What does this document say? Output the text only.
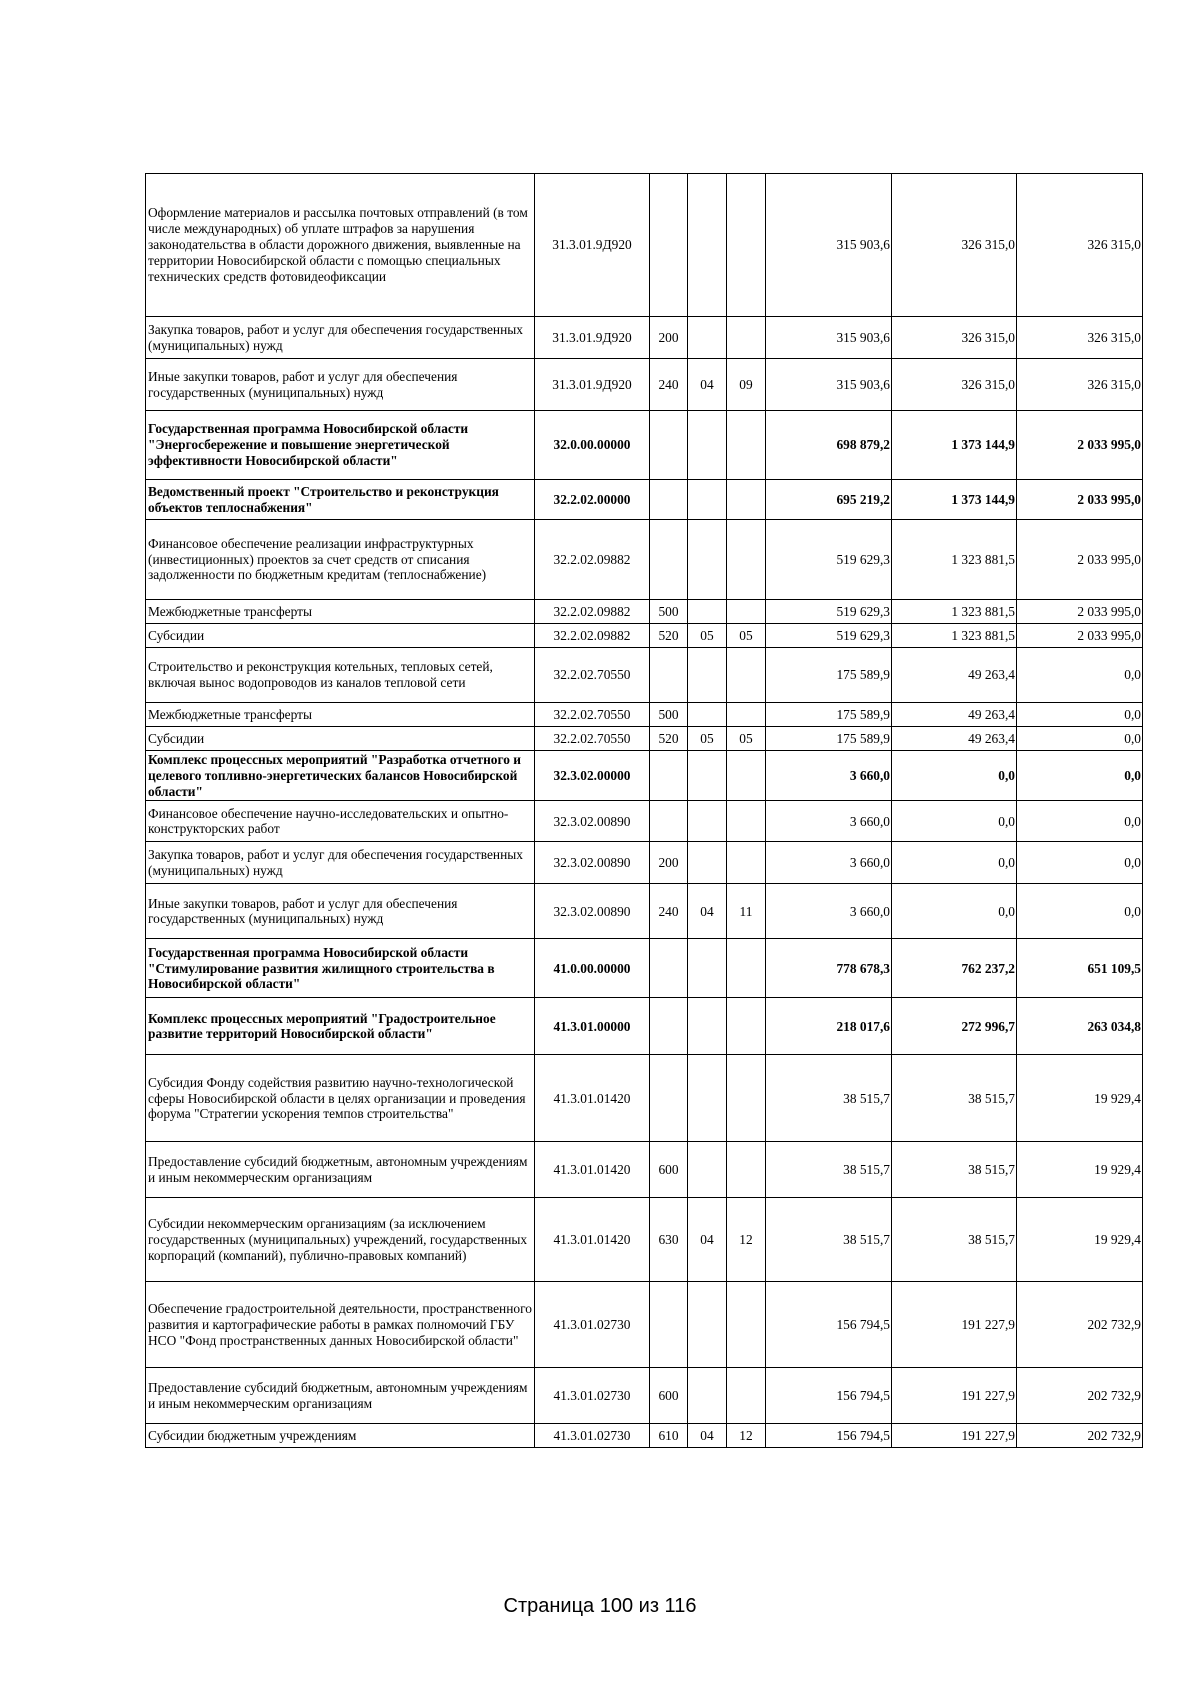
Оформление материалов и рассылка почтовых отправлений (в том числе международных) об уплате штрафов за нарушения законодательства в области дорожного движения, выявленные на территории Новосибирской области с помощью специальных технических средств фотовидеофиксации	31.3.01.9Д920				315 903,6	326 315,0	326 315,0
Закупка товаров, работ и услуг для обеспечения государственных (муниципальных) нужд	31.3.01.9Д920	200			315 903,6	326 315,0	326 315,0
Иные закупки товаров, работ и услуг для обеспечения государственных (муниципальных) нужд	31.3.01.9Д920	240	04	09	315 903,6	326 315,0	326 315,0
Государственная программа Новосибирской области "Энергосбережение и повышение энергетической эффективности Новосибирской области"	32.0.00.00000				698 879,2	1 373 144,9	2 033 995,0
Ведомственный проект "Строительство и реконструкция объектов теплоснабжения"	32.2.02.00000				695 219,2	1 373 144,9	2 033 995,0
Финансовое обеспечение реализации инфраструктурных (инвестиционных) проектов за счет средств от списания задолженности по бюджетным кредитам (теплоснабжение)	32.2.02.09882				519 629,3	1 323 881,5	2 033 995,0
Межбюджетные трансферты	32.2.02.09882	500			519 629,3	1 323 881,5	2 033 995,0
Субсидии	32.2.02.09882	520	05	05	519 629,3	1 323 881,5	2 033 995,0
Строительство и реконструкция котельных, тепловых сетей, включая вынос водопроводов из каналов тепловой сети	32.2.02.70550				175 589,9	49 263,4	0,0
Межбюджетные трансферты	32.2.02.70550	500			175 589,9	49 263,4	0,0
Субсидии	32.2.02.70550	520	05	05	175 589,9	49 263,4	0,0
Комплекс процессных мероприятий "Разработка отчетного и целевого топливно-энергетических балансов Новосибирской области"	32.3.02.00000				3 660,0	0,0	0,0
Финансовое обеспечение научно-исследовательских и опытно-конструкторских работ	32.3.02.00890				3 660,0	0,0	0,0
Закупка товаров, работ и услуг для обеспечения государственных (муниципальных) нужд	32.3.02.00890	200			3 660,0	0,0	0,0
Иные закупки товаров, работ и услуг для обеспечения государственных (муниципальных) нужд	32.3.02.00890	240	04	11	3 660,0	0,0	0,0
Государственная программа Новосибирской области "Стимулирование развития жилищного строительства в Новосибирской области"	41.0.00.00000				778 678,3	762 237,2	651 109,5
Комплекс процессных мероприятий "Градостроительное развитие территорий Новосибирской области"	41.3.01.00000				218 017,6	272 996,7	263 034,8
Субсидия Фонду содействия развитию научно-технологической сферы Новосибирской области в целях организации и проведения форума "Стратегии ускорения темпов строительства"	41.3.01.01420				38 515,7	38 515,7	19 929,4
Предоставление субсидий бюджетным, автономным учреждениям и иным некоммерческим организациям	41.3.01.01420	600			38 515,7	38 515,7	19 929,4
Субсидии некоммерческим организациям (за исключением государственных (муниципальных) учреждений, государственных корпораций (компаний), публично-правовых компаний)	41.3.01.01420	630	04	12	38 515,7	38 515,7	19 929,4
Обеспечение градостроительной деятельности, пространственного развития и картографические работы в рамках полномочий ГБУ НСО "Фонд пространственных данных Новосибирской области"	41.3.01.02730				156 794,5	191 227,9	202 732,9
Предоставление субсидий бюджетным, автономным учреждениям и иным некоммерческим организациям	41.3.01.02730	600			156 794,5	191 227,9	202 732,9
Субсидии бюджетным учреждениям	41.3.01.02730	610	04	12	156 794,5	191 227,9	202 732,9
Страница 100 из 116
